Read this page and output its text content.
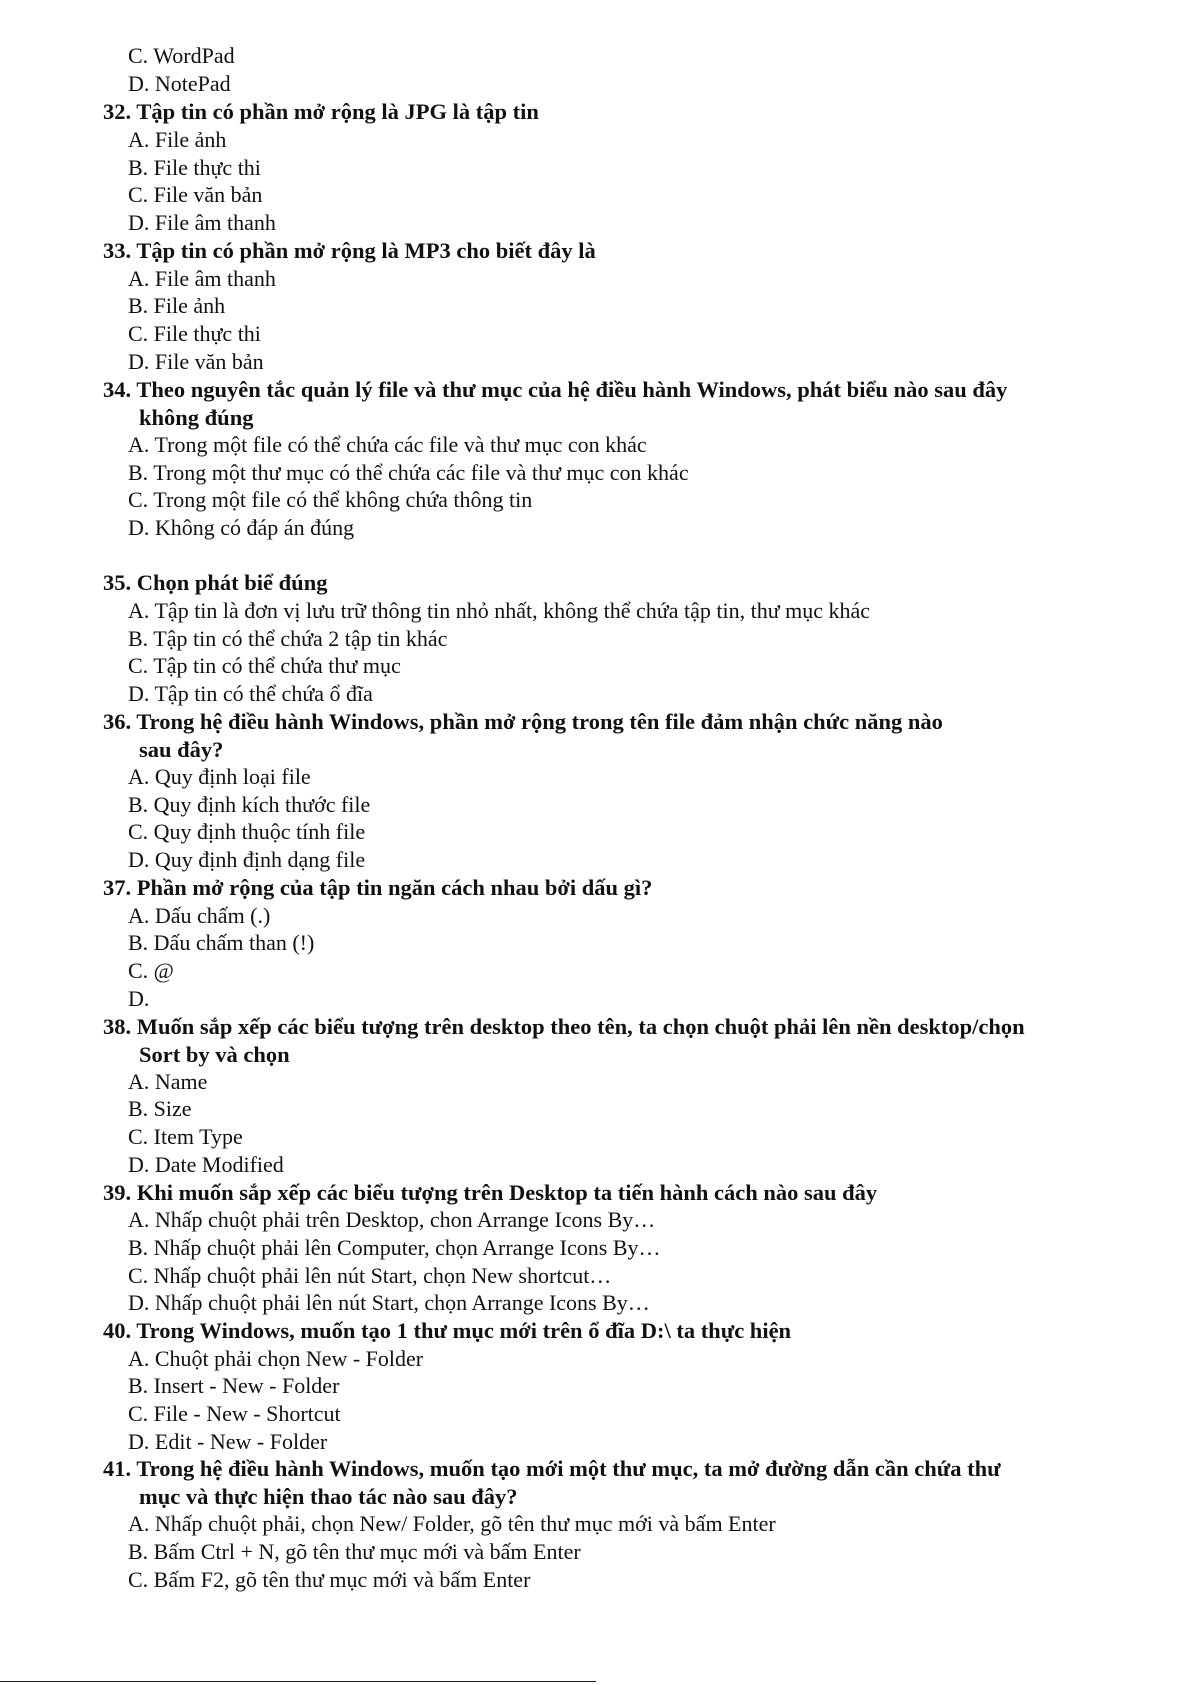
C. WordPad

D. NotePad

32. Tập tin có phần mở rộng là JPG là tập tin

A. File ảnh

B. File thực thi

C. File văn bản

D. File âm thanh

33. Tập tin có phần mở rộng là MP3 cho biết đây là

A. File âm thanh

B. File ảnh

C. File thực thi

D. File văn bản

34. Theo nguyên tắc quản lý file và thư mục của hệ điều hành Windows, phát biểu nào sau đây
không đúng

A. Trong một file có thể chứa các file và thư mục con khác

B. Trong một thư mục có thể chứa các file và thư mục con khác

C. Trong một file có thể không chứa thông tin

D. Không có đáp án đúng

35. Chọn phát biể đúng

A. Tập tin là đơn vị lưu trữ thông tin nhỏ nhất, không thể chứa tập tin, thư mục khác

B. Tập tin có thể chứa 2 tập tin khác

C. Tập tin có thể chứa thư mục

D. Tập tin có thể chứa ổ đĩa

36. Trong hệ điều hành Windows, phần mở rộng trong tên file đảm nhận chức năng nào
sau đây?

A. Quy định loại file

B. Quy định kích thước file

C. Quy định thuộc tính file

D. Quy định định dạng file

37. Phần mở rộng của tập tin ngăn cách nhau bởi dấu gì?

A. Dấu chấm (.)

B. Dấu chấm than (!)

C. @

D.

38. Muốn sắp xếp các biểu tượng trên desktop theo tên, ta chọn chuột phải lên nền desktop/chọn
Sort by và chọn

A. Name

B. Size

C. Item Type

D. Date Modified

39. Khi muốn sắp xếp các biểu tượng trên Desktop ta tiến hành cách nào sau đây

A. Nhấp chuột phải trên Desktop, chon Arrange Icons By…

B. Nhấp chuột phải lên Computer, chọn Arrange Icons By…

C. Nhấp chuột phải lên nút Start, chọn New shortcut…

D. Nhấp chuột phải lên nút Start, chọn Arrange Icons By…

40. Trong Windows, muốn tạo 1 thư mục mới trên ổ đĩa D:\ ta thực hiện

A. Chuột phải chọn New - Folder

B. Insert - New - Folder

C. File - New - Shortcut

D. Edit - New - Folder

41. Trong hệ điều hành Windows, muốn tạo mới một thư mục, ta mở đường dẫn cần chứa thư
mục và thực hiện thao tác nào sau đây?

A. Nhấp chuột phải, chọn New/ Folder, gõ tên thư mục mới và bấm Enter

B. Bấm Ctrl + N, gõ tên thư mục mới và bấm Enter

C. Bấm F2, gõ tên thư mục mới và bấm Enter
